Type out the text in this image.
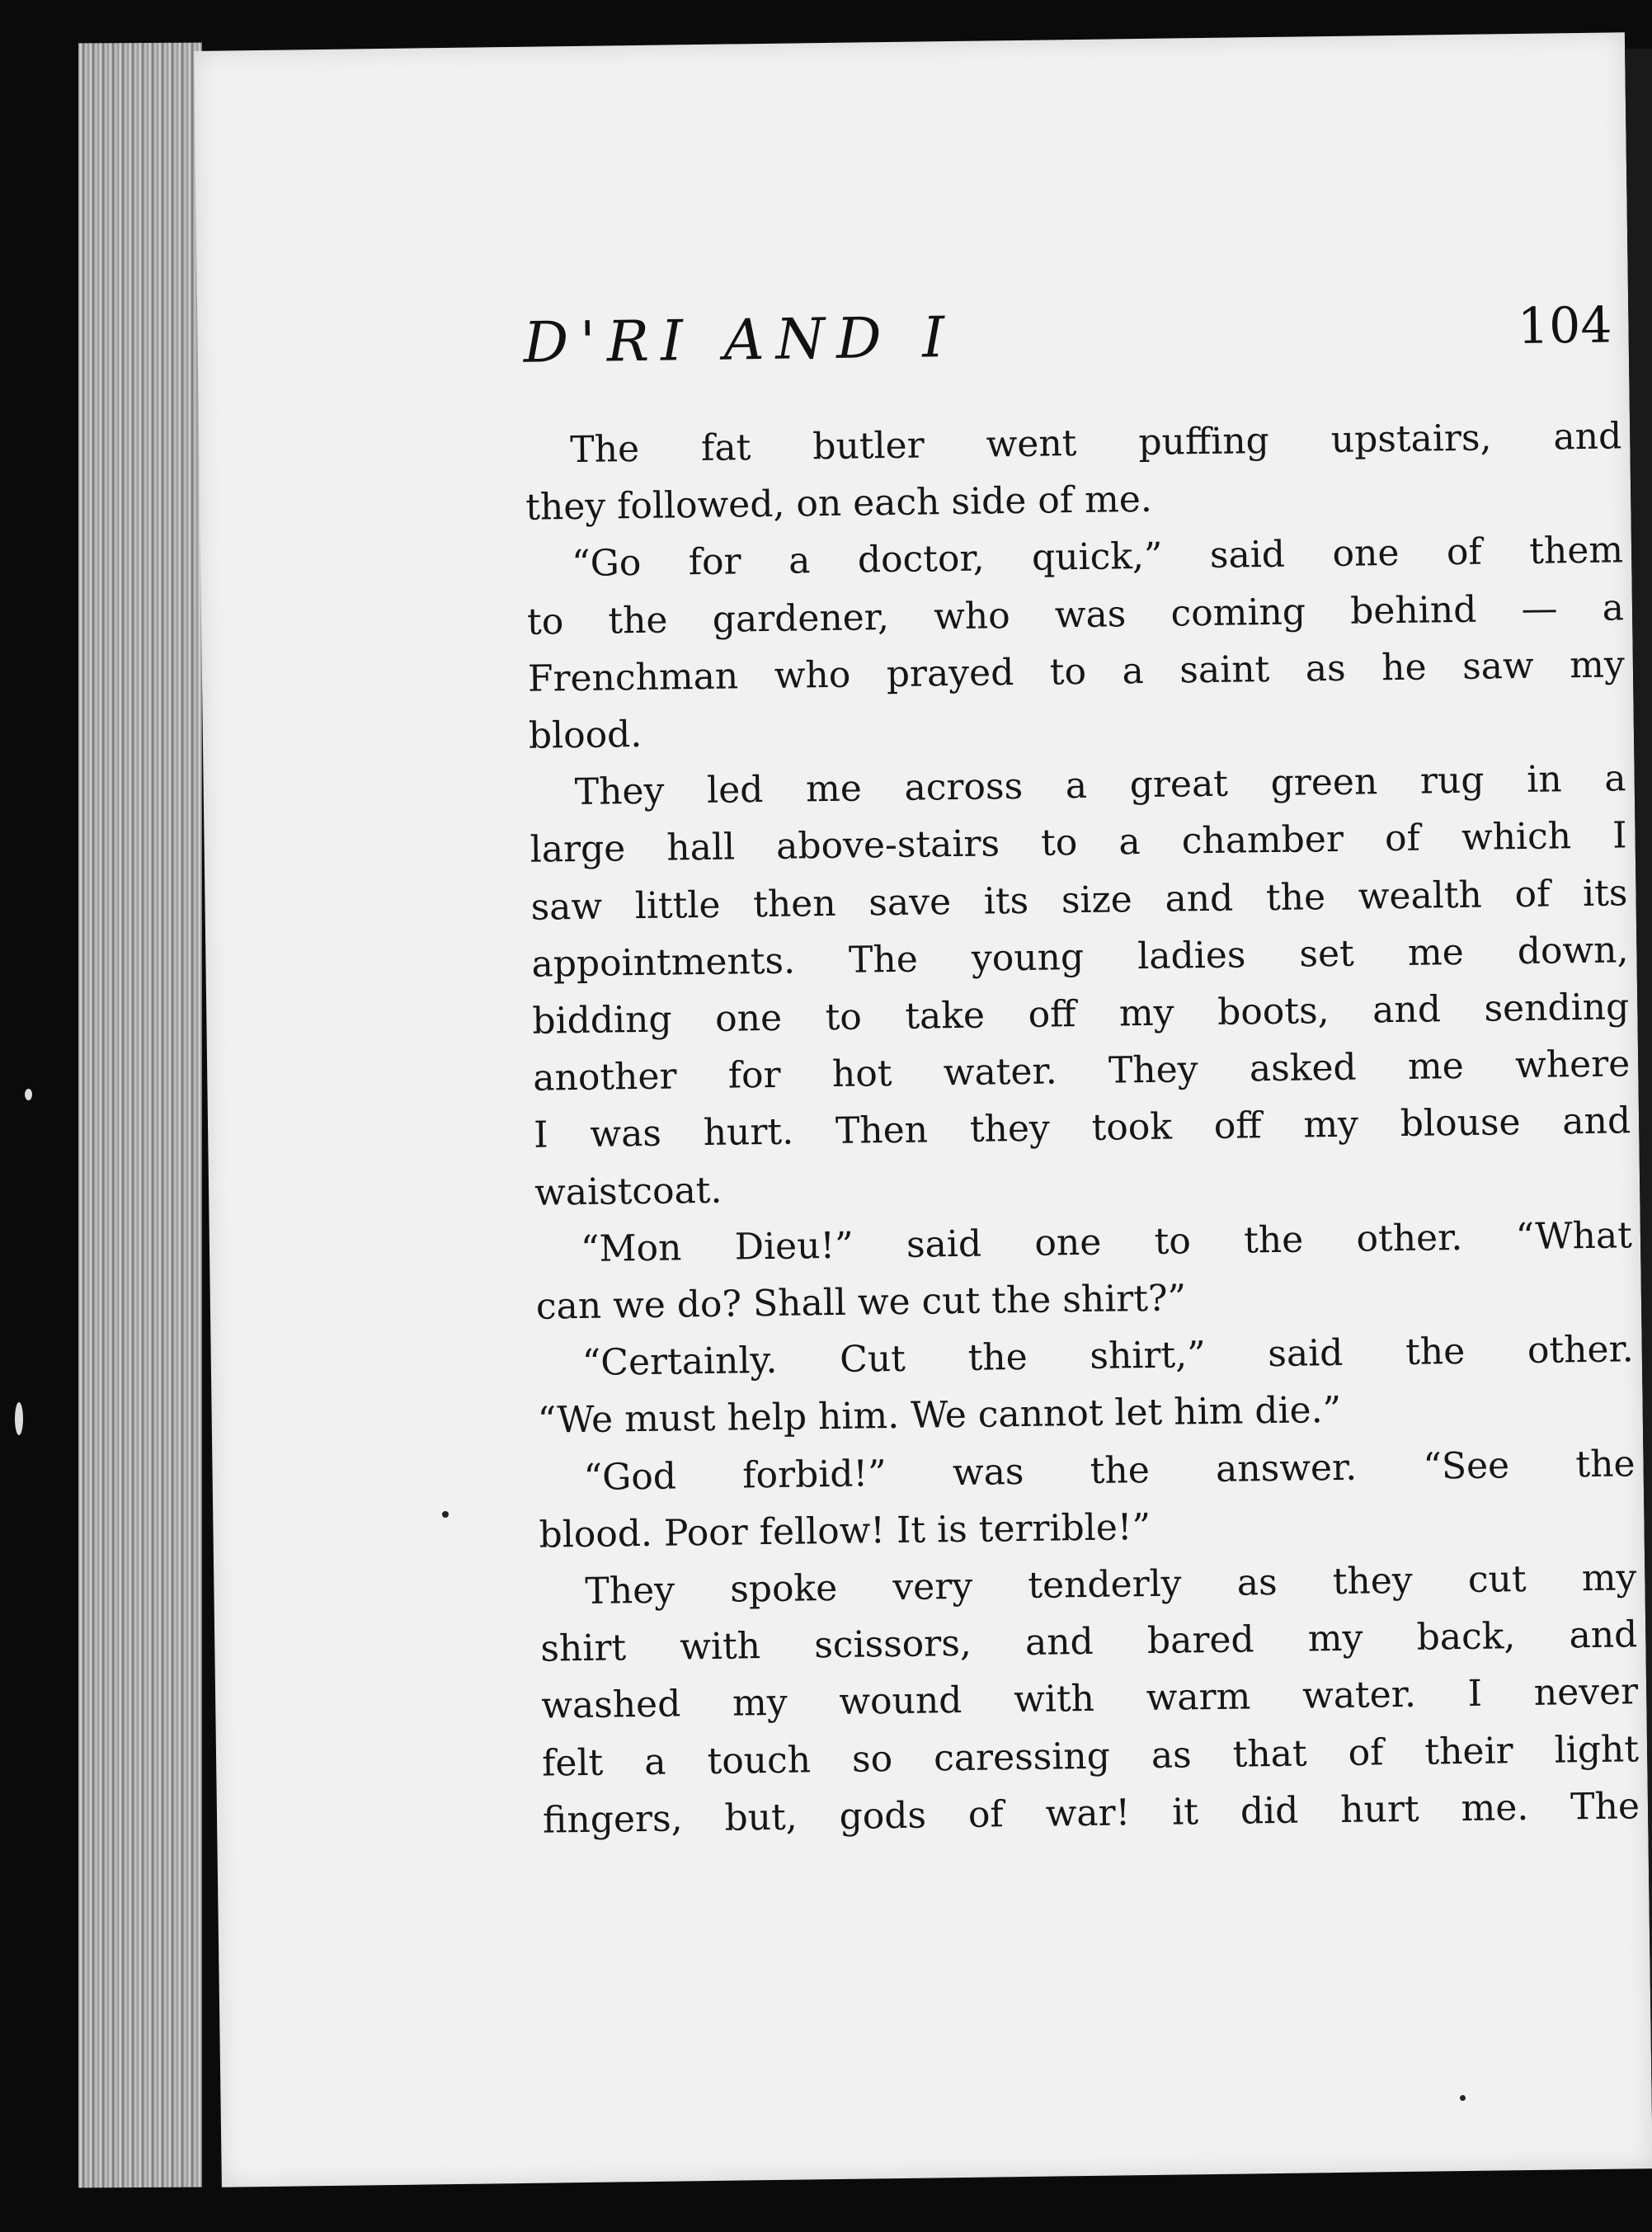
D'RI AND I	104
The fat butler went puffing upstairs, and
they followed, on each side of me.
“Go for a doctor, quick,” said one of them
to the gardener, who was coming behind — a
Frenchman who prayed to a saint as he saw my
blood.
They led me across a great green rug in a
large hall above-stairs to a chamber of which I
saw little then save its size and the wealth of its
appointments. The young ladies set me down,
bidding one to take off my boots, and sending
another for hot water. They asked me where
I was hurt. Then they took off my blouse and
waistcoat.
“Mon Dieu!” said one to the other. “What
can we do? Shall we cut the shirt?”
“Certainly. Cut the shirt,” said the other.
“We must help him. We cannot let him die.”
“God forbid!” was the answer. “See the
blood. Poor fellow! It is terrible!”
They spoke very tenderly as they cut my
shirt with scissors, and bared my back, and
washed my wound with warm water. I never
felt a touch so caressing as that of their light
fingers, but, gods of war! it did hurt me. The
